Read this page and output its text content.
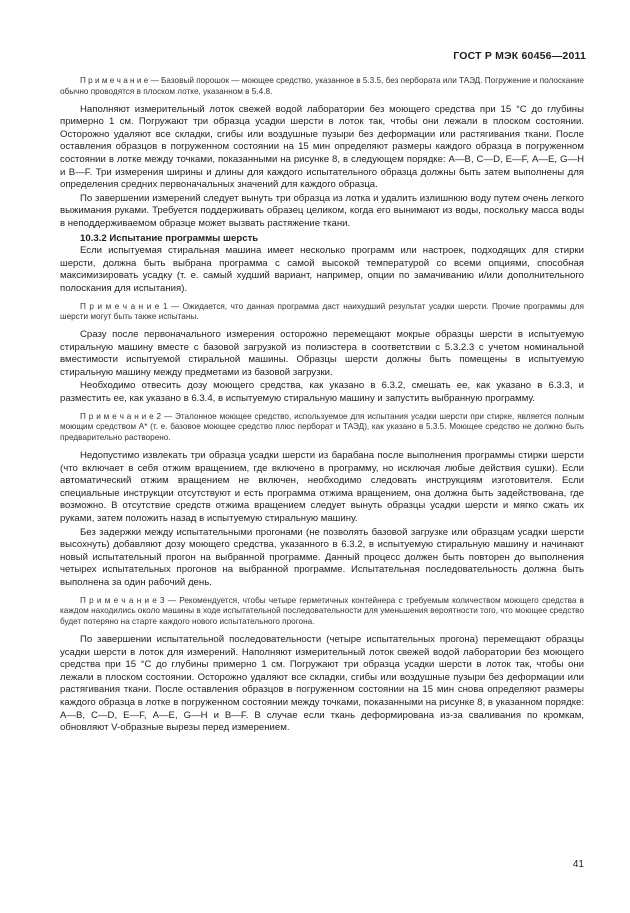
ГОСТ Р МЭК 60456—2011

П р и м е ч а н и е — Базовый порошок — моющее средство, указанное в 5.3.5, без пербората или ТАЭД. Погружение и полоскание обычно проводятся в плоском лотке, указанном в 5.4.8.

Наполняют измерительный лоток свежей водой лаборатории без моющего средства при 15 °С до глубины примерно 1 см. Погружают три образца усадки шерсти в лоток так, чтобы они лежали в плоском состоянии. Осторожно удаляют все складки, сгибы или воздушные пузыри без деформации или растягивания ткани. После оставления образцов в погруженном состоянии на 15 мин определяют размеры каждого образца в погруженном состоянии в лотке между точками, показанными на рисунке 8, в следующем порядке: А—В, С—D, Е—F, А—Е, G—H и В—F. Три измерения ширины и длины для каждого испытательного образца должны быть затем выполнены для определения средних первоначальных значений для каждого образца.

По завершении измерений следует вынуть три образца из лотка и удалить излишнюю воду путем очень легкого выжимания руками. Требуется поддерживать образец целиком, когда его вынимают из воды, поскольку масса воды в неподдерживаемом образце может вызвать растяжение ткани.

10.3.2 Испытание программы шерсть

Если испытуемая стиральная машина имеет несколько программ или настроек, подходящих для стирки шерсти, должна быть выбрана программа с самой высокой температурой со всеми опциями, способная максимизировать усадку (т. е. самый худший вариант, например, опции по замачиванию и/или дополнительного полоскания для испытания).

П р и м е ч а н и е 1 — Ожидается, что данная программа даст наихудший результат усадки шерсти. Прочие программы для шерсти могут быть также испытаны.

Сразу после первоначального измерения осторожно перемещают мокрые образцы шерсти в испытуемую стиральную машину вместе с базовой загрузкой из полиэстера в соответствии с 5.3.2.3 с учетом номинальной вместимости испытуемой стиральной машины. Образцы шерсти должны быть помещены в испытуемую стиральную машину между предметами из базовой загрузки.

Необходимо отвесить дозу моющего средства, как указано в 6.3.2, смешать ее, как указано в 6.3.3, и разместить ее, как указано в 6.3.4, в испытуемую стиральную машину и запустить выбранную программу.

П р и м е ч а н и е 2 — Эталонное моющее средство, используемое для испытания усадки шерсти при стирке, является полным моющим средством А* (т. е. базовое моющее средство плюс перборат и ТАЭД), как указано в 5.3.5. Моющее средство не должно быть предварительно растворено.

Недопустимо извлекать три образца усадки шерсти из барабана после выполнения программы стирки шерсти (что включает в себя отжим вращением, где включено в программу, но исключая любые действия сушки). Если автоматический отжим вращением не включен, необходимо следовать инструкциям изготовителя. Если специальные инструкции отсутствуют и есть программа отжима вращением, она должна быть задействована, где возможно. В отсутствие средств отжима вращением следует вынуть образцы усадки шерсти и мягко сжать их руками, затем положить назад в испытуемую стиральную машину.

Без задержки между испытательными прогонами (не позволять базовой загрузке или образцам усадки шерсти высохнуть) добавляют дозу моющего средства, указанного в 6.3.2, в испытуемую стиральную машину и начинают новый испытательный прогон на выбранной программе. Данный процесс должен быть повторен до выполнения четырех испытательных прогонов на выбранной программе. Испытательная последовательность должна быть выполнена за один рабочий день.

П р и м е ч а н и е 3 — Рекомендуется, чтобы четыре герметичных контейнера с требуемым количеством моющего средства в каждом находились около машины в ходе испытательной последовательности для уменьшения вероятности того, что моющее средство будет потеряно на старте каждого нового испытательного прогона.

По завершении испытательной последовательности (четыре испытательных прогона) перемещают образцы усадки шерсти в лоток для измерений. Наполняют измерительный лоток свежей водой лаборатории без моющего средства при 15 °С до глубины примерно 1 см. Погружают три образца усадки шерсти в лоток так, чтобы они лежали в плоском состоянии. Осторожно удаляют все складки, сгибы или воздушные пузыри без деформации или растягивания ткани. После оставления образцов в погруженном состоянии на 15 мин снова определяют размеры каждого образца в лотке в погруженном состоянии между точками, показанными на рисунке 8, в указанном порядке: А—В, С—D, Е—F, А—Е, G—H и В—F. В случае если ткань деформирована из-за сваливания по кромкам, обновляют V-образные вырезы перед измерением.

41
